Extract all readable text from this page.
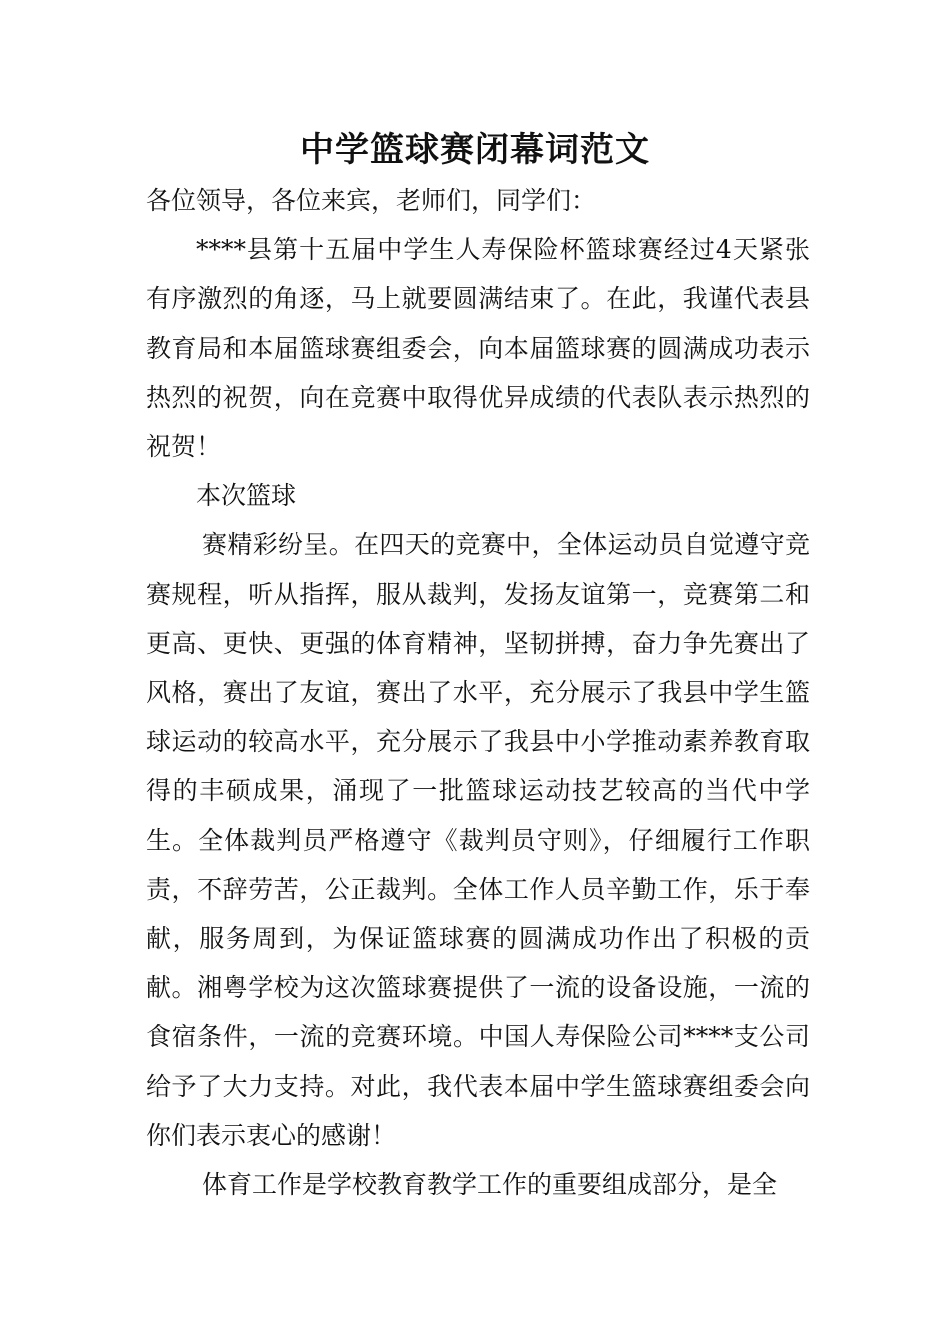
中学篮球赛闭幕词范文

各位领导，各位来宾，老师们，同学们：

****县第十五届中学生人寿保险杯篮球赛经过4天紧张有序激烈的角逐，马上就要圆满结束了。在此，我谨代表县教育局和本届篮球赛组委会，向本届篮球赛的圆满成功表示热烈的祝贺，向在竞赛中取得优异成绩的代表队表示热烈的祝贺！

本次篮球

赛精彩纷呈。在四天的竞赛中，全体运动员自觉遵守竞赛规程，听从指挥，服从裁判，发扬友谊第一，竞赛第二和更高、更快、更强的体育精神，坚韧拼搏，奋力争先赛出了风格，赛出了友谊，赛出了水平，充分展示了我县中学生篮球运动的较高水平，充分展示了我县中小学推动素养教育取得的丰硕成果，涌现了一批篮球运动技艺较高的当代中学生。全体裁判员严格遵守《裁判员守则》，仔细履行工作职责，不辞劳苦，公正裁判。全体工作人员辛勤工作，乐于奉献，服务周到，为保证篮球赛的圆满成功作出了积极的贡献。湘粤学校为这次篮球赛提供了一流的设备设施，一流的食宿条件，一流的竞赛环境。中国人寿保险公司****支公司给予了大力支持。对此，我代表本届中学生篮球赛组委会向你们表示衷心的感谢！

体育工作是学校教育教学工作的重要组成部分，是全
